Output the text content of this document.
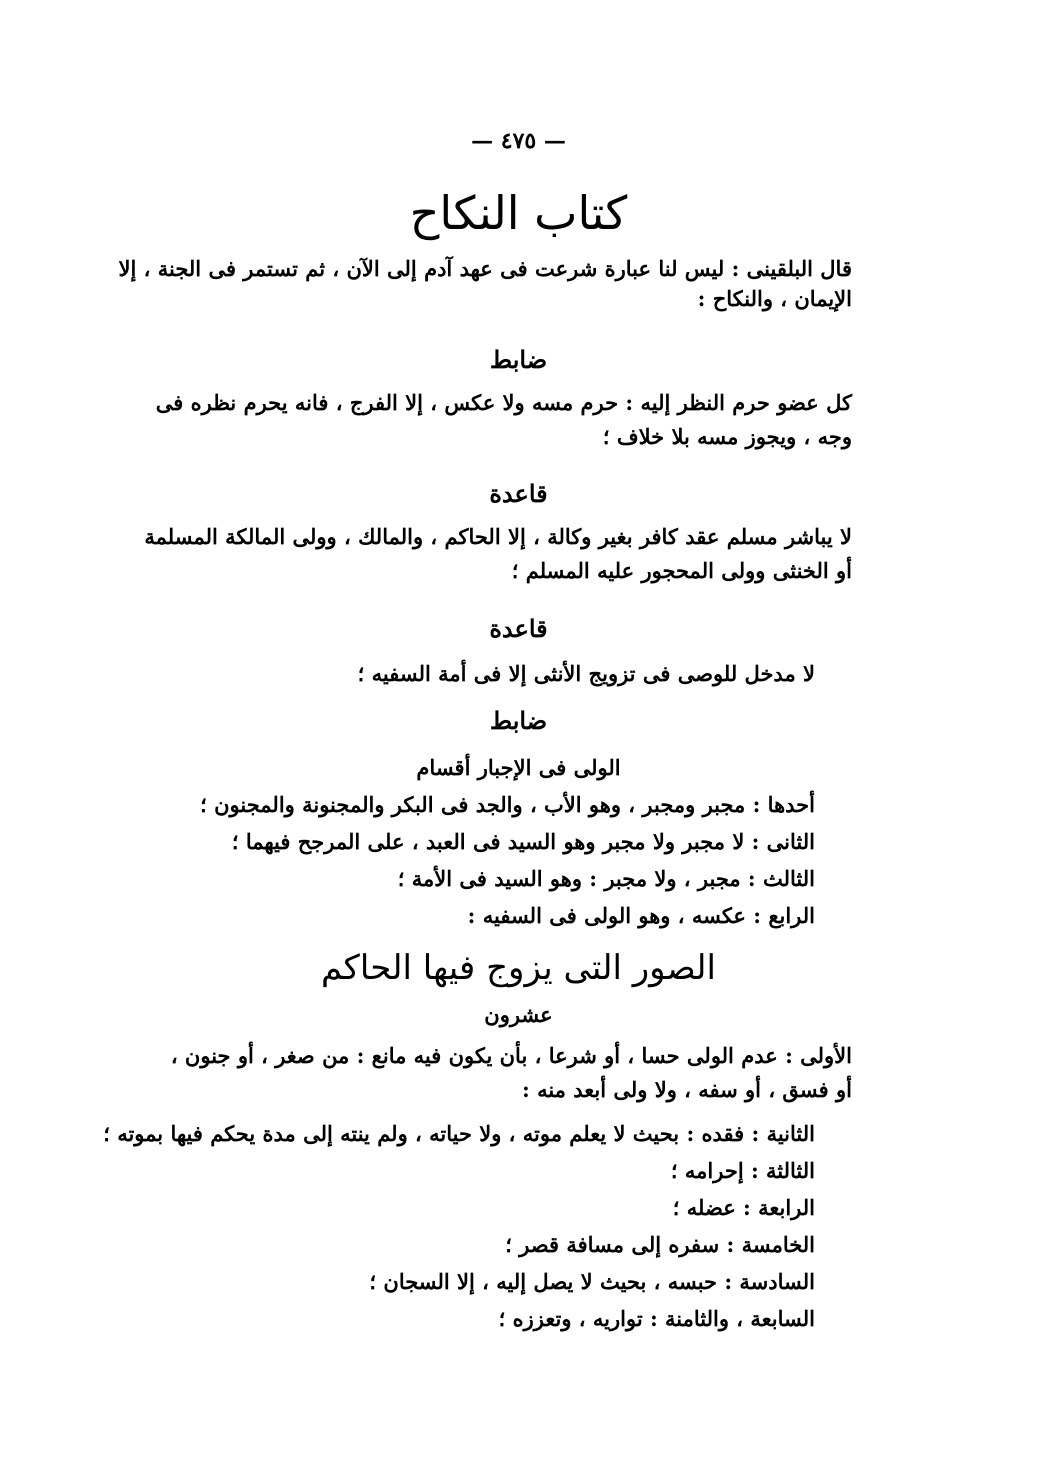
— ٤٧٥ —
كتاب النكاح
قال البلقينى : ليس لنا عبارة شرعت فى عهد آدم إلى الآن ، ثم تستمر فى الجنة ، إلا
الإيمان ، والنكاح :
ضابط
كل عضو حرم النظر إليه : حرم مسه ولا عكس ، إلا الفرج ، فانه يحرم نظره فى
وجه ، ويجوز مسه بلا خلاف ؛
قاعدة
لا يباشر مسلم عقد كافر بغير وكالة ، إلا الحاكم ، والمالك ، وولى المالكة المسلمة
أو الخنثى وولى المحجور عليه المسلم ؛
قاعدة
لا مدخل للوصى فى تزويج الأنثى إلا فى أمة السفيه ؛
ضابط
الولى فى الإجبار أقسام
أحدها : مجبر ومجبر ، وهو الأب ، والجد فى البكر والمجنونة والمجنون ؛
الثانى : لا مجبر ولا مجبر وهو السيد فى العبد ، على المرجح فيهما ؛
الثالث : مجبر ، ولا مجبر : وهو السيد فى الأمة ؛
الرابع : عكسه ، وهو الولى فى السفيه :
الصور التى يزوج فيها الحاكم
عشرون
الأولى : عدم الولى حسا ، أو شرعا ، بأن يكون فيه مانع : من صغر ، أو جنون ،
أو فسق ، أو سفه ، ولا ولى أبعد منه :
الثانية : فقده : بحيث لا يعلم موته ، ولا حياته ، ولم ينته إلى مدة يحكم فيها بموته ؛
الثالثة : إحرامه ؛
الرابعة : عضله ؛
الخامسة : سفره إلى مسافة قصر ؛
السادسة : حبسه ، بحيث لا يصل إليه ، إلا السجان ؛
السابعة ، والثامنة : تواريه ، وتعززه ؛
